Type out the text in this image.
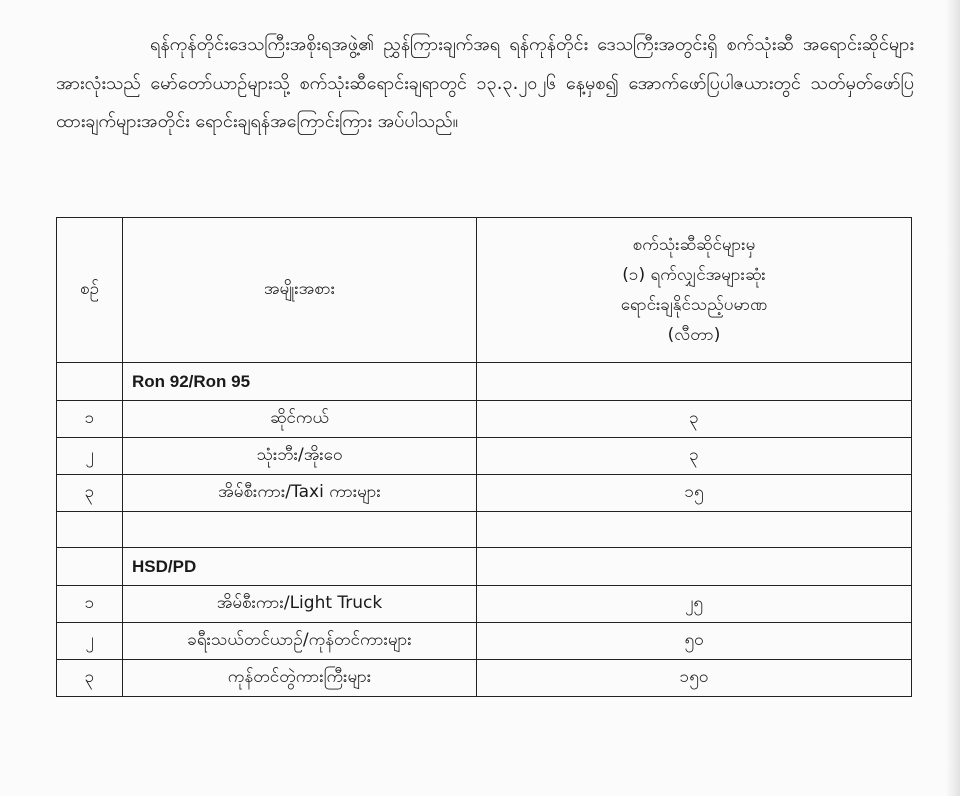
ရန်ကုန်တိုင်းဒေသကြီးအစိုးရအဖွဲ့၏ ညွှန်ကြားချက်အရ ရန်ကုန်တိုင်း ဒေသကြီးအတွင်းရှိ စက်သုံးဆီ အရောင်းဆိုင်များအားလုံးသည် မော်တော်ယာဉ်များသို့ စက်သုံးဆီရောင်းချရာတွင် ၁၃.၃.၂၀၂၆ နေ့မှစ၍ အောက်ဖော်ပြပါဇယားတွင် သတ်မှတ်ဖော်ပြထားချက်များအတိုင်း ရောင်းချရန်အကြောင်းကြား အပ်ပါသည်။

စဉ်	အမျိုးအစား	စက်သုံးဆီဆိုင်များမှ
(၁) ရက်လျှင်အများဆုံး
ရောင်းချနိုင်သည့်ပမာဏ
(လီတာ)

	Ron 92/Ron 95	
၁	ဆိုင်ကယ်	၃
၂	သုံးဘီး/အိုးဝေ	၃
၃	အိမ်စီးကား/Taxi ကားများ	၁၅

	HSD/PD	
၁	အိမ်စီးကား/Light Truck	၂၅
၂	ခရီးသယ်တင်ယာဉ်/ကုန်တင်ကားများ	၅၀
၃	ကုန်တင်တွဲကားကြီးများ	၁၅၀
